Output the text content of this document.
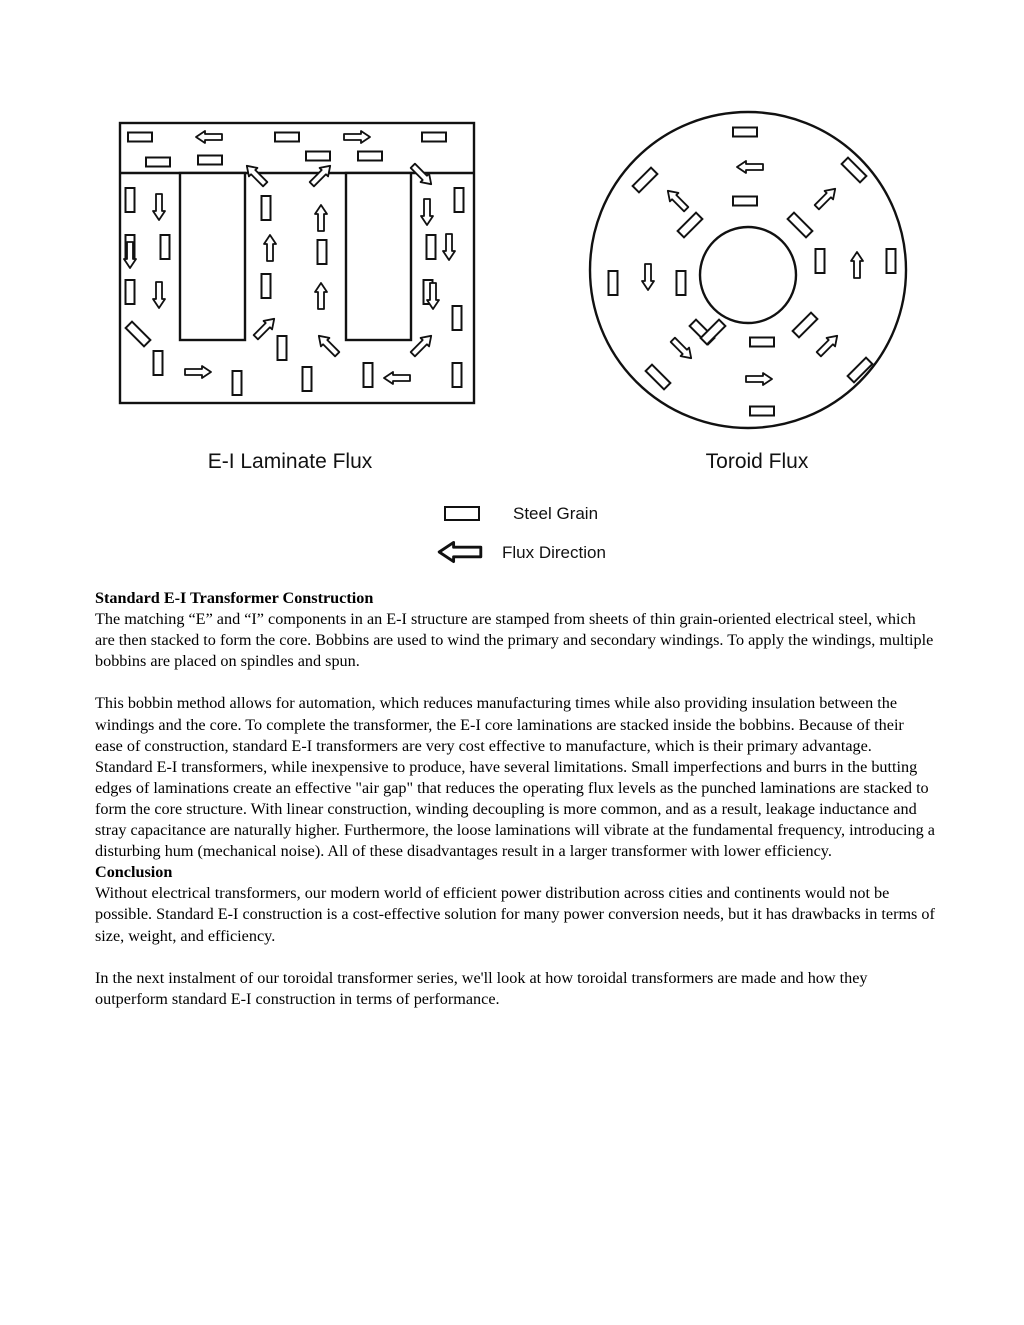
E-I Laminate Flux	Toroid Flux
Steel Grain
Flux Direction
Standard E-I Transformer Construction

The matching “E” and “I” components in an E-I structure are stamped from sheets of thin grain-oriented electrical steel, which are then stacked to form the core. Bobbins are used to wind the primary and secondary windings. To apply the windings, multiple bobbins are placed on spindles and spun.

This bobbin method allows for automation, which reduces manufacturing times while also providing insulation between the windings and the core. To complete the transformer, the E-I core laminations are stacked inside the bobbins. Because of their ease of construction, standard E-I transformers are very cost effective to manufacture, which is their primary advantage.

Standard E-I transformers, while inexpensive to produce, have several limitations. Small imperfections and burrs in the butting edges of laminations create an effective "air gap" that reduces the operating flux levels as the punched laminations are stacked to form the core structure. With linear construction, winding decoupling is more common, and as a result, leakage inductance and stray capacitance are naturally higher. Furthermore, the loose laminations will vibrate at the fundamental frequency, introducing a disturbing hum (mechanical noise). All of these disadvantages result in a larger transformer with lower efficiency.

Conclusion

Without electrical transformers, our modern world of efficient power distribution across cities and continents would not be possible. Standard E-I construction is a cost-effective solution for many power conversion needs, but it has drawbacks in terms of size, weight, and efficiency.

In the next instalment of our toroidal transformer series, we'll look at how toroidal transformers are made and how they outperform standard E-I construction in terms of performance.
